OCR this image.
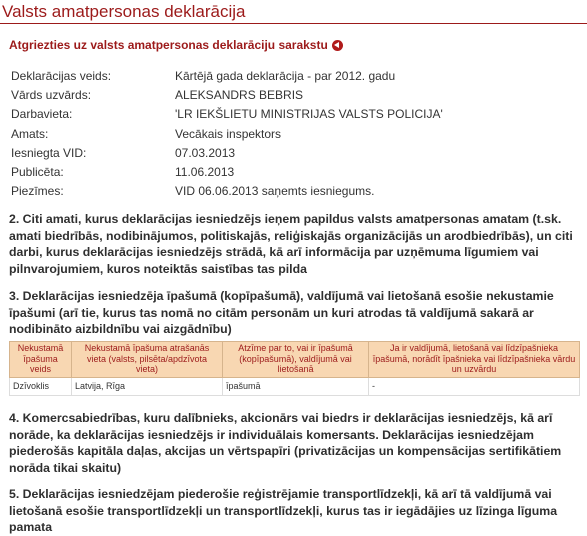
Valsts amatpersonas deklarācija
Atgriezties uz valsts amatpersonas deklarāciju sarakstu
Deklarācijas veids:	Kārtējā gada deklarācija - par 2012. gadu
Vārds uzvārds:	ALEKSANDRS BEBRIS
Darbavieta:	'LR IEKŠLIETU MINISTRIJAS VALSTS POLICIJA'
Amats:	Vecākais inspektors
Iesniegta VID:	07.03.2013
Publicēta:	11.06.2013
Piezīmes:	VID 06.06.2013 saņemts iesniegums.
2. Citi amati, kurus deklarācijas iesniedzējs ieņem papildus valsts amatpersonas amatam (t.sk. amati biedrībās, nodibinājumos, politiskajās, reliģiskajās organizācijās un arodbiedrībās), un citi darbi, kurus deklarācijas iesniedzējs strādā, kā arī informācija par uzņēmuma līgumiem vai pilnvarojumiem, kuros noteiktās saistības tas pilda
3. Deklarācijas iesniedzēja īpašumā (kopīpašumā), valdījumā vai lietošanā esošie nekustamie īpašumi (arī tie, kurus tas nomā no citām personām un kuri atrodas tā valdījumā sakarā ar nodibināto aizbildnību vai aizgādnību)
Nekustamā īpašuma veids	Nekustamā īpašuma atrašanās vieta (valsts, pilsēta/apdzīvota vieta)	Atzīme par to, vai ir īpašumā (kopīpašumā), valdījumā vai lietošanā	Ja ir valdījumā, lietošanā vai līdzīpašnieka īpašumā, norādīt īpašnieka vai līdzīpašnieka vārdu un uzvārdu
Dzīvoklis	Latvija, Rīga	īpašumā	-
4. Komercsabiedrības, kuru dalībnieks, akcionārs vai biedrs ir deklarācijas iesniedzējs, kā arī norāde, ka deklarācijas iesniedzējs ir individuālais komersants. Deklarācijas iesniedzējam piederošās kapitāla daļas, akcijas un vērtspapīri (privatizācijas un kompensācijas sertifikātiem norāda tikai skaitu)
5. Deklarācijas iesniedzējam piederošie reģistrējamie transportlīdzekļi, kā arī tā valdījumā vai lietošanā esošie transportlīdzekļi un transportlīdzekļi, kurus tas ir iegādājies uz līzinga līguma pamata
